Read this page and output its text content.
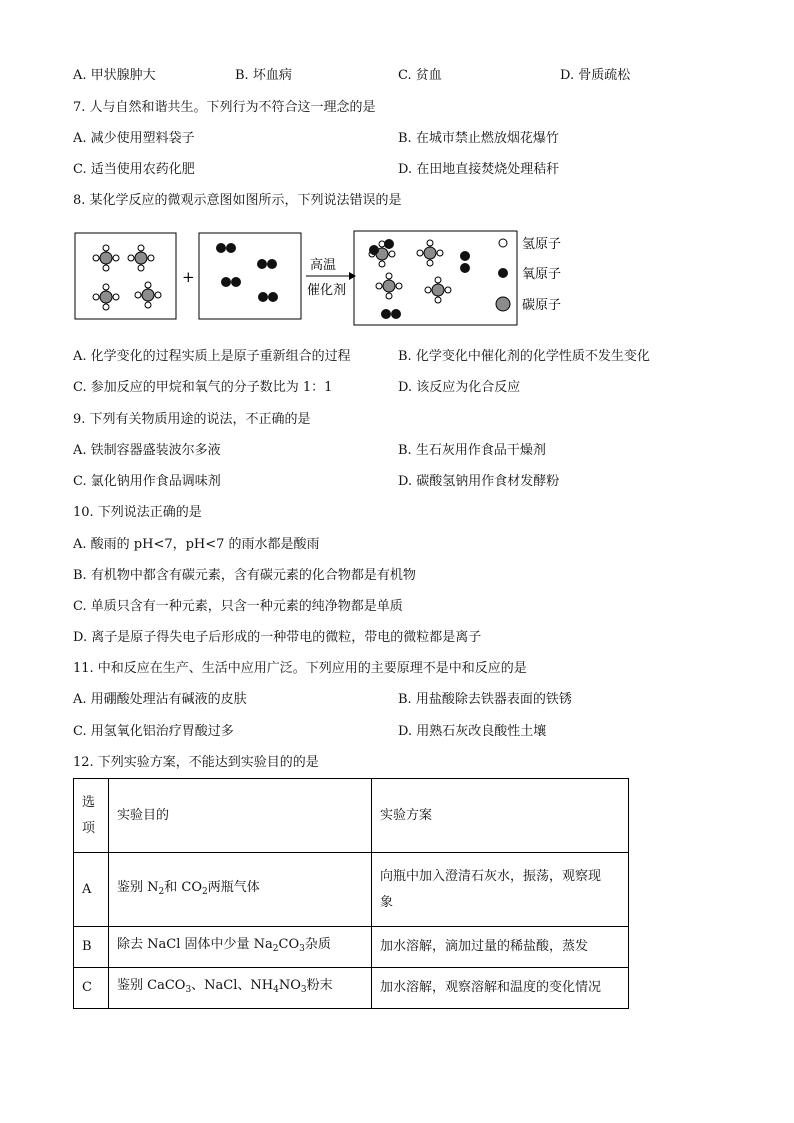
A. 甲状腺肿大	B. 坏血病	C. 贫血	D. 骨质疏松
7. 人与自然和谐共生。下列行为不符合这一理念的是
A. 减少使用塑料袋子	B. 在城市禁止燃放烟花爆竹
C. 适当使用农药化肥	D. 在田地直接焚烧处理秸秆
8. 某化学反应的微观示意图如图所示，下列说法错误的是
+
高温
催化剂
氢原子
氧原子
碳原子
A. 化学变化的过程实质上是原子重新组合的过程	B. 化学变化中催化剂的化学性质不发生变化
C. 参加反应的甲烷和氧气的分子数比为 1：1	D. 该反应为化合反应
9. 下列有关物质用途的说法，不正确的是
A. 铁制容器盛装波尔多液	B. 生石灰用作食品干燥剂
C. 氯化钠用作食品调味剂	D. 碳酸氢钠用作食材发酵粉
10. 下列说法正确的是
A. 酸雨的 pH<7，pH<7 的雨水都是酸雨
B. 有机物中都含有碳元素，含有碳元素的化合物都是有机物
C. 单质只含有一种元素，只含一种元素的纯净物都是单质
D. 离子是原子得失电子后形成的一种带电的微粒，带电的微粒都是离子
11. 中和反应在生产、生活中应用广泛。下列应用的主要原理不是中和反应的是
A. 用硼酸处理沾有碱液的皮肤	B. 用盐酸除去铁器表面的铁锈
C. 用氢氧化铝治疗胃酸过多	D. 用熟石灰改良酸性土壤
12. 下列实验方案，不能达到实验目的的是
选
项	实验目的	实验方案
A	鉴别 $N_2$和 $CO_2$两瓶气体	向瓶中加入澄清石灰水，振荡，观察现
象

B	除去 NaCl 固体中少量 $Na_2CO_3$杂质	加水溶解，滴加过量的稀盐酸，蒸发
C	鉴别 CaCO$_3$、NaCl、$NH_4NO_3$粉末	加水溶解，观察溶解和温度的变化情况
